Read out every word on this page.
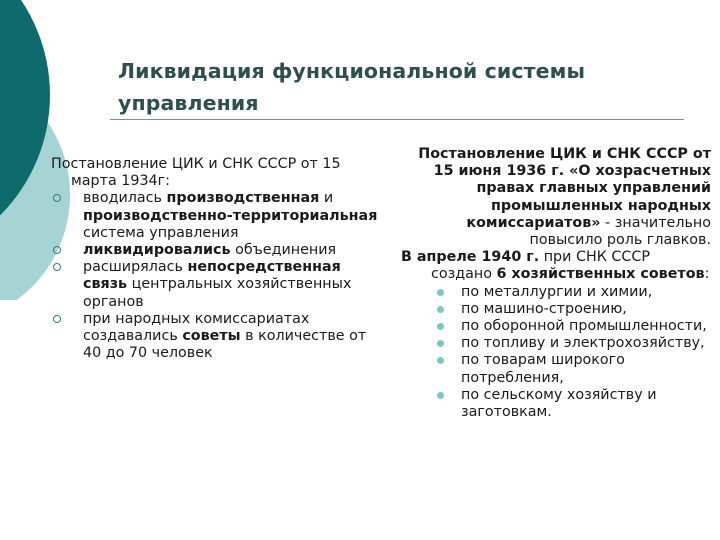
Ликвидация функциональной системы управления
Постановление ЦИК и СНК СССР от 15 марта 1934г:
вводилась производственная и производственно-территориальная система управления
ликвидировались объединения
расширялась непосредственная связь центральных хозяйственных органов
при народных комиссариатах создавались советы в количестве от 40 до 70 человек
Постановление ЦИК и СНК СССР от 15 июня 1936 г. «О хозрасчетных правах главных управлений промышленных народных комиссариатов» - значительно повысило роль главков.
В апреле 1940 г. при СНК СССР создано 6 хозяйственных советов:
по металлургии и химии,
по машино-строению,
по оборонной промышленности,
по топливу и электрохозяйству,
по товарам широкого потребления,
по сельскому хозяйству и заготовкам.
